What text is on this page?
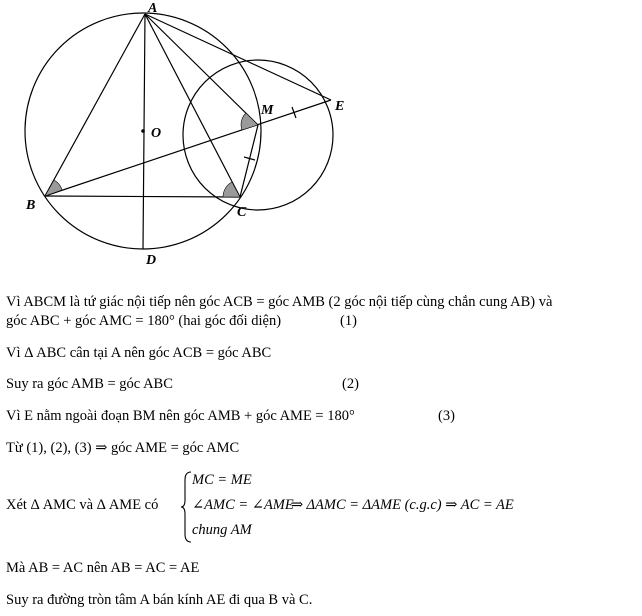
A
O
M	E
B	C
D
Vì ABCM là tứ giác nội tiếp nên góc ACB = góc AMB (2 góc nội tiếp cùng chắn cung AB) và
góc ABC + góc AMC = 180° (hai góc đối diện)	(1)
Vì Δ ABC cân tại A nên góc ACB = góc ABC
Suy ra góc AMB = góc ABC	(2)
Vì E nằm ngoài đoạn BM nên góc AMB + góc AME = 180°	(3)
Từ (1), (2), (3) ⇒ góc AME = góc AMC
Xét Δ AMC và Δ AME có
MC = ME
∠AMC = ∠AME
chung AM
⇒ ΔAMC = ΔAME (c.g.c) ⇒ AC = AE
Mà AB = AC nên AB = AC = AE
Suy ra đường tròn tâm A bán kính AE đi qua B và C.
